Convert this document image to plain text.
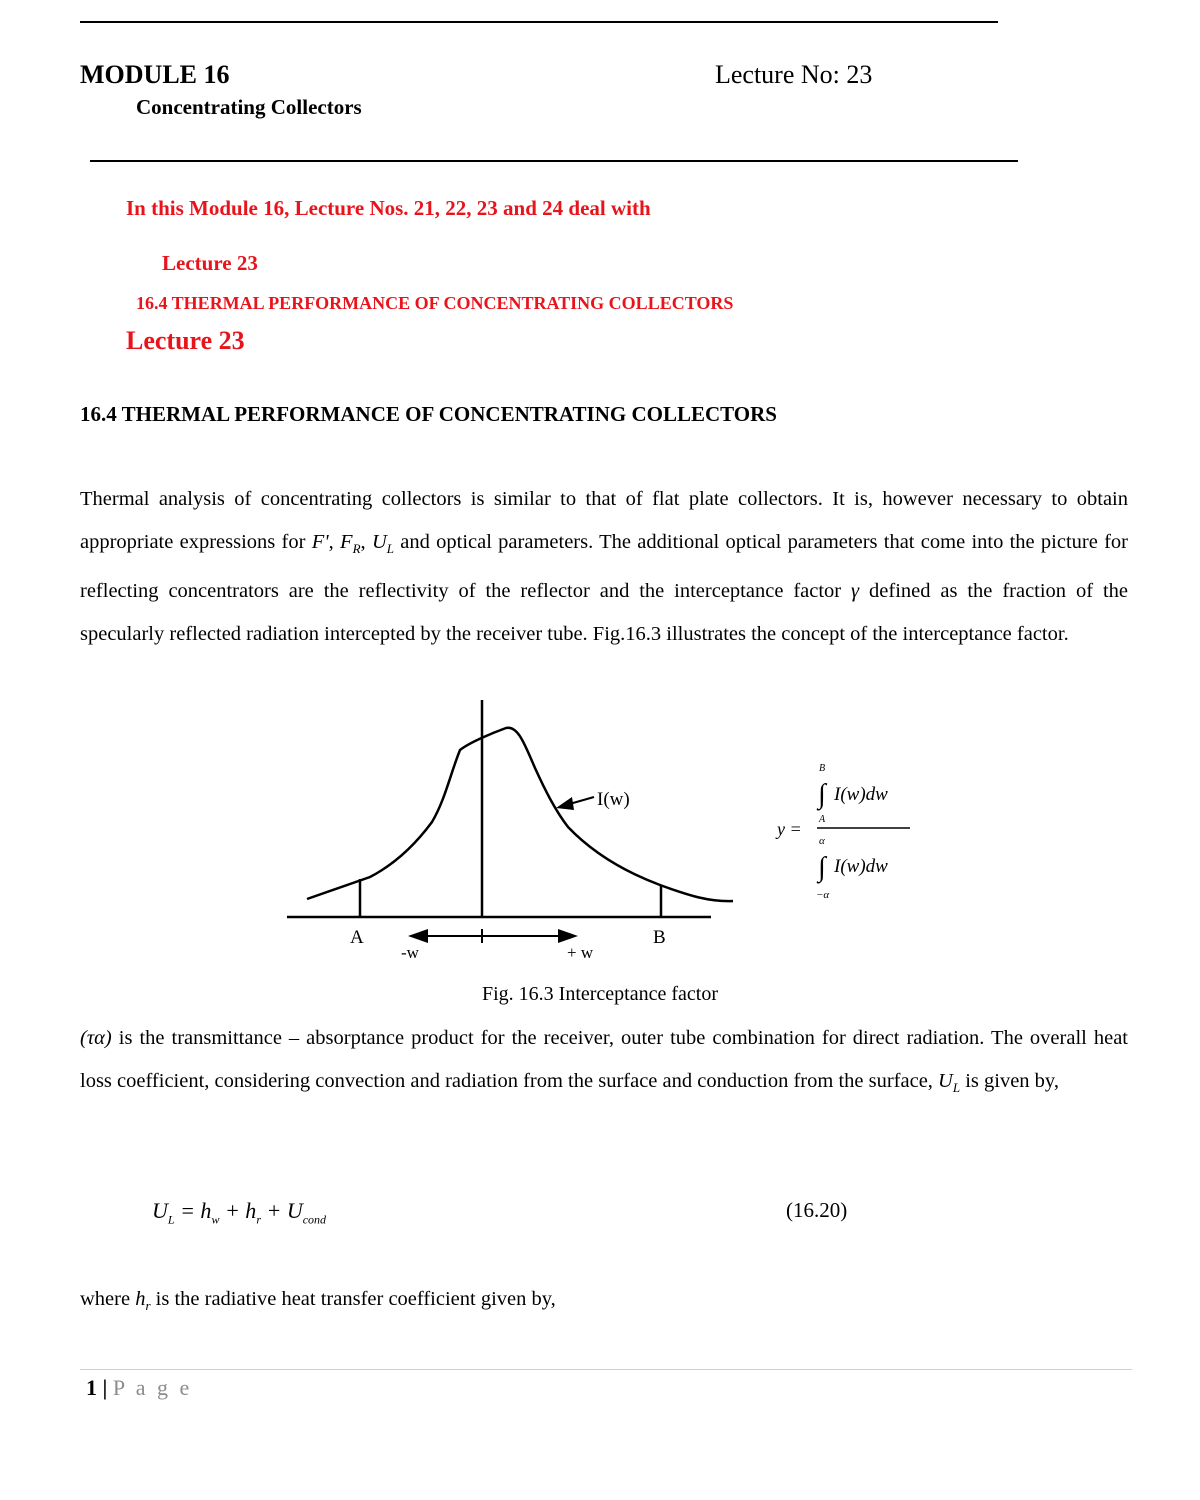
MODULE 16	Lecture No: 23
Concentrating Collectors
In this Module 16, Lecture Nos. 21, 22, 23 and 24 deal with
Lecture 23
16.4 THERMAL PERFORMANCE OF CONCENTRATING COLLECTORS
Lecture 23
16.4 THERMAL PERFORMANCE OF CONCENTRATING COLLECTORS
Thermal analysis of concentrating collectors is similar to that of flat plate collectors. It is, however necessary to obtain appropriate expressions for F', $F_R$, $U_L$ and optical parameters. The additional optical parameters that come into the picture for reflecting concentrators are the reflectivity of the reflector and the interceptance factor γ defined as the fraction of the specularly reflected radiation intercepted by the receiver tube. Fig.16.3 illustrates the concept of the interceptance factor.
A	B
I(w)
-w	+ w
y =
B
∫
A
I(w)dw
α
∫
−α
I(w)dw
Fig. 16.3 Interceptance factor
(τα) is the transmittance – absorptance product for the receiver, outer tube combination for direct radiation. The overall heat loss coefficient, considering convection and radiation from the surface and conduction from the surface, $U_L$ is given by,
$U_L = h_w + h_r + U_{cond}$	(16.20)
where $h_r$ is the radiative heat transfer coefficient given by,
1 | P a g e
